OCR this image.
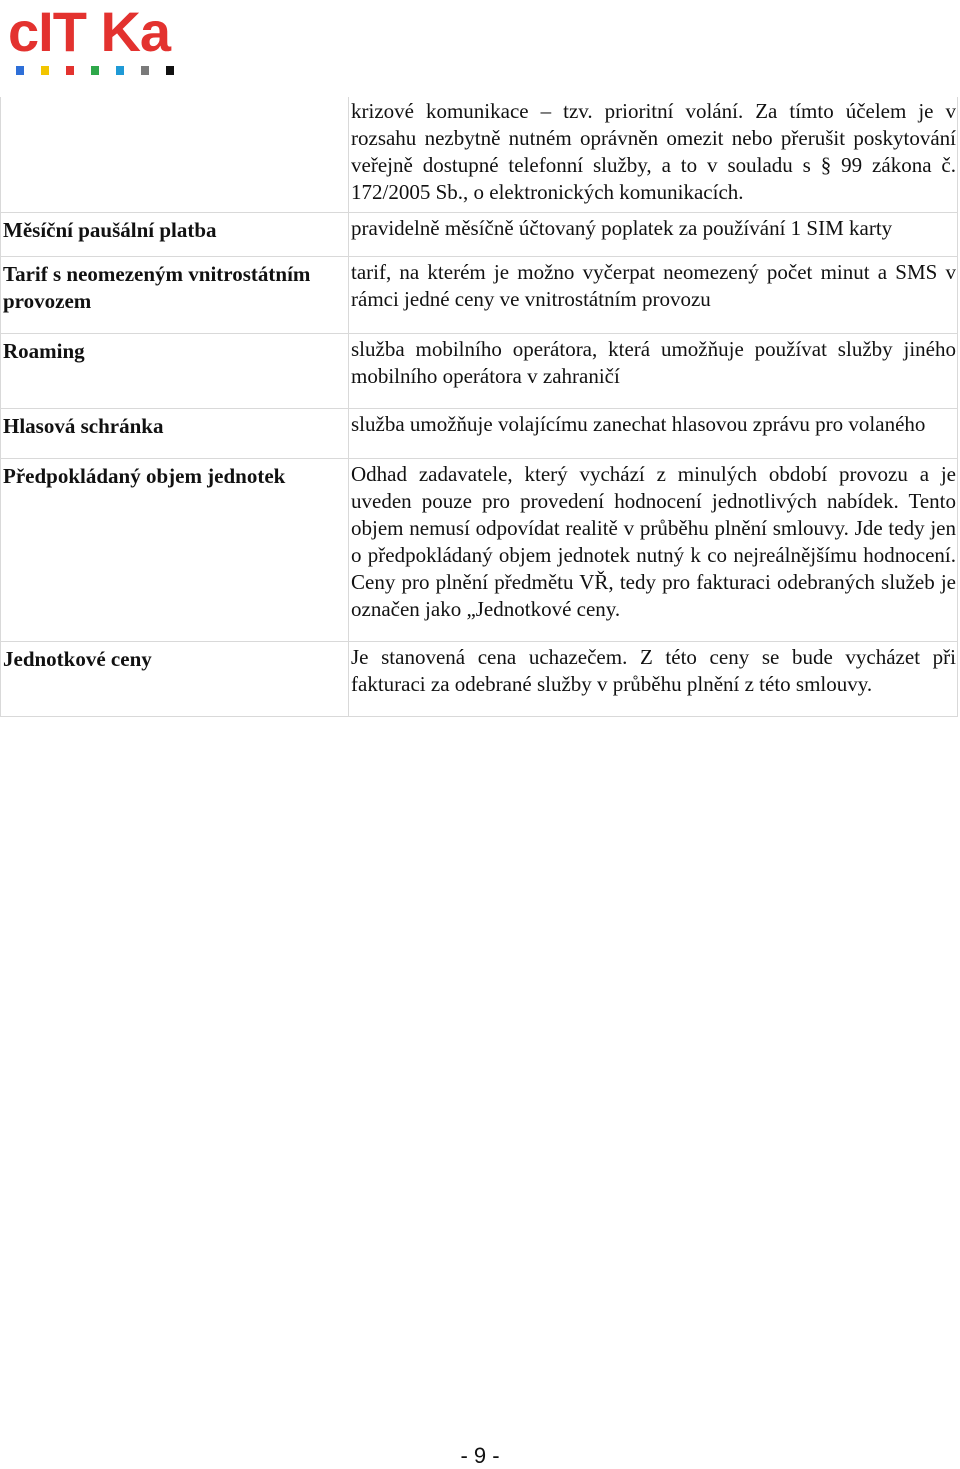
cIT Ka
	krizové komunikace – tzv. prioritní volání. Za tímto účelem je v rozsahu nezbytně nutném oprávněn omezit nebo přerušit poskytování veřejně dostupné telefonní služby, a to v souladu s § 99 zákona č. 172/2005 Sb., o elektronických komunikacích.
Měsíční paušální platba	pravidelně měsíčně účtovaný poplatek za používání 1 SIM karty
Tarif s neomezeným vnitrostátním provozem	tarif, na kterém je možno vyčerpat neomezený počet minut a SMS v rámci jedné ceny ve vnitrostátním provozu
Roaming	služba mobilního operátora, která umožňuje používat služby jiného mobilního operátora v zahraničí
Hlasová schránka	služba umožňuje volajícímu zanechat hlasovou zprávu pro volaného
Předpokládaný objem jednotek	Odhad zadavatele, který vychází z minulých období provozu a je uveden pouze pro provedení hodnocení jednotlivých nabídek. Tento objem nemusí odpovídat realitě v průběhu plnění smlouvy. Jde tedy jen o předpokládaný objem jednotek nutný k co nejreálnějšímu hodnocení. Ceny pro plnění předmětu VŘ, tedy pro fakturaci odebraných služeb je označen jako „Jednotkové ceny.
Jednotkové ceny	Je stanovená cena uchazečem. Z této ceny se bude vycházet při fakturaci za odebrané služby v průběhu plnění z této smlouvy.
- 9 -
